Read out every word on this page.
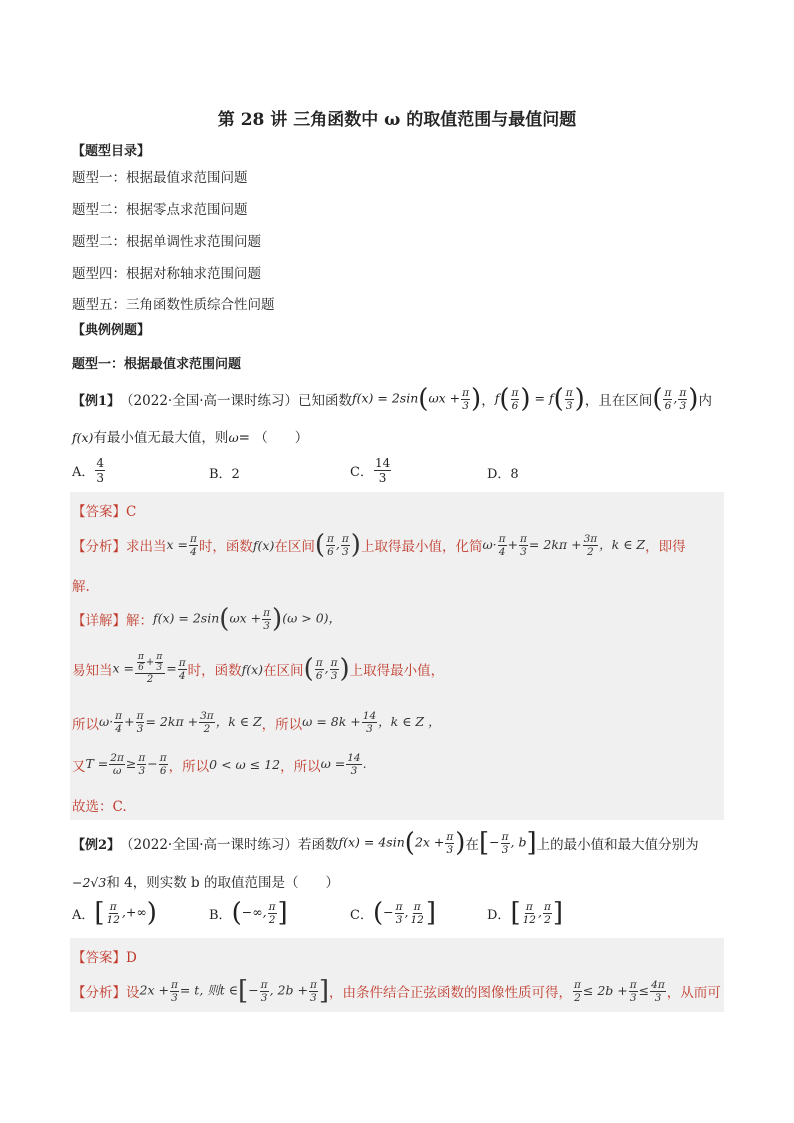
第 28 讲 三角函数中 ω 的取值范围与最值问题
【题型目录】
题型一：根据最值求范围问题
题型二：根据零点求范围问题
题型二：根据单调性求范围问题
题型四：根据对称轴求范围问题
题型五：三角函数性质综合性问题
【典例例题】
题型一：根据最值求范围问题
【例1】 （2022·全国·高一课时练习）已知函数 $f(x) = 2\sin(\omega x + \frac{\pi}{3}$ ) ， $f( \frac{\pi}{6}$ ) = $f( \frac{\pi}{3}$ ) ，且在区间 ( $\frac{\pi}{6}$ , $\frac{\pi}{3}$ ) 内
f(x)有最小值无最大值，则ω= （　　）
A． $\frac{4}{3}$	B．2	C． $\frac{14}{3}$	D．8
【答案】C
【分析】 求出当 $x = \frac{\pi}{4}$ 时，函数 f(x) 在区间 ( $\frac{\pi}{6}$ , $\frac{\pi}{3}$ ) 上取得最小值，化简 $\omega\cdot \frac{\pi}{4} + \frac{\pi}{3} = 2k\pi + \frac{3\pi}{2}$ ，k ∈ Z ，即得
解.
【详解】 解： $f(x) = 2\sin(\omega x + \frac{\pi}{3} )(\omega > 0)$，
易知当 $x = \frac{\frac{\pi}{6} + \frac{\pi}{3}}{2} = \frac{\pi}{4}$ 时，函数 f(x) 在区间 ( $\frac{\pi}{6}$ , $\frac{\pi}{3}$ ) 上取得最小值，
所以 $\omega\cdot \frac{\pi}{4} + \frac{\pi}{3} = 2k\pi + \frac{3\pi}{2}$ ，k ∈ Z ，所以 $\omega = 8k + \frac{14}{3}$ ，k ∈ Z ，
又 $T = \frac{2\pi}{\omega} \ge \frac{\pi}{3} - \frac{\pi}{6}$ ，所以 0 < ω ≤ 12 ，所以 $\omega = \frac{14}{3}$ .
故选：C.
【例2】 （2022·全国·高一课时练习）若函数 $f(x) = 4\sin(2x + \frac{\pi}{3}$ ) 在 [− $\frac{\pi}{3}$ , b] 上的最小值和最大值分别为
−2√3和 4，则实数 b 的取值范围是（　　）
A． [ $\frac{\pi}{12}$ ,+∞)	B． (−∞, $\frac{\pi}{2}$ ]	C． (− $\frac{\pi}{3}$ , $\frac{\pi}{12}$ ]	D． [ $\frac{\pi}{12}$ , $\frac{\pi}{2}$ ]
【答案】D
【分析】 设 $2x + \frac{\pi}{3} = t$, 则t ∈[− $\frac{\pi}{3}$ , $2b + \frac{\pi}{3}$ ] ，由条件结合正弦函数的图像性质可得， $\frac{\pi}{2} \le 2b + \frac{\pi}{3} \le \frac{4\pi}{3}$ ，从而可
